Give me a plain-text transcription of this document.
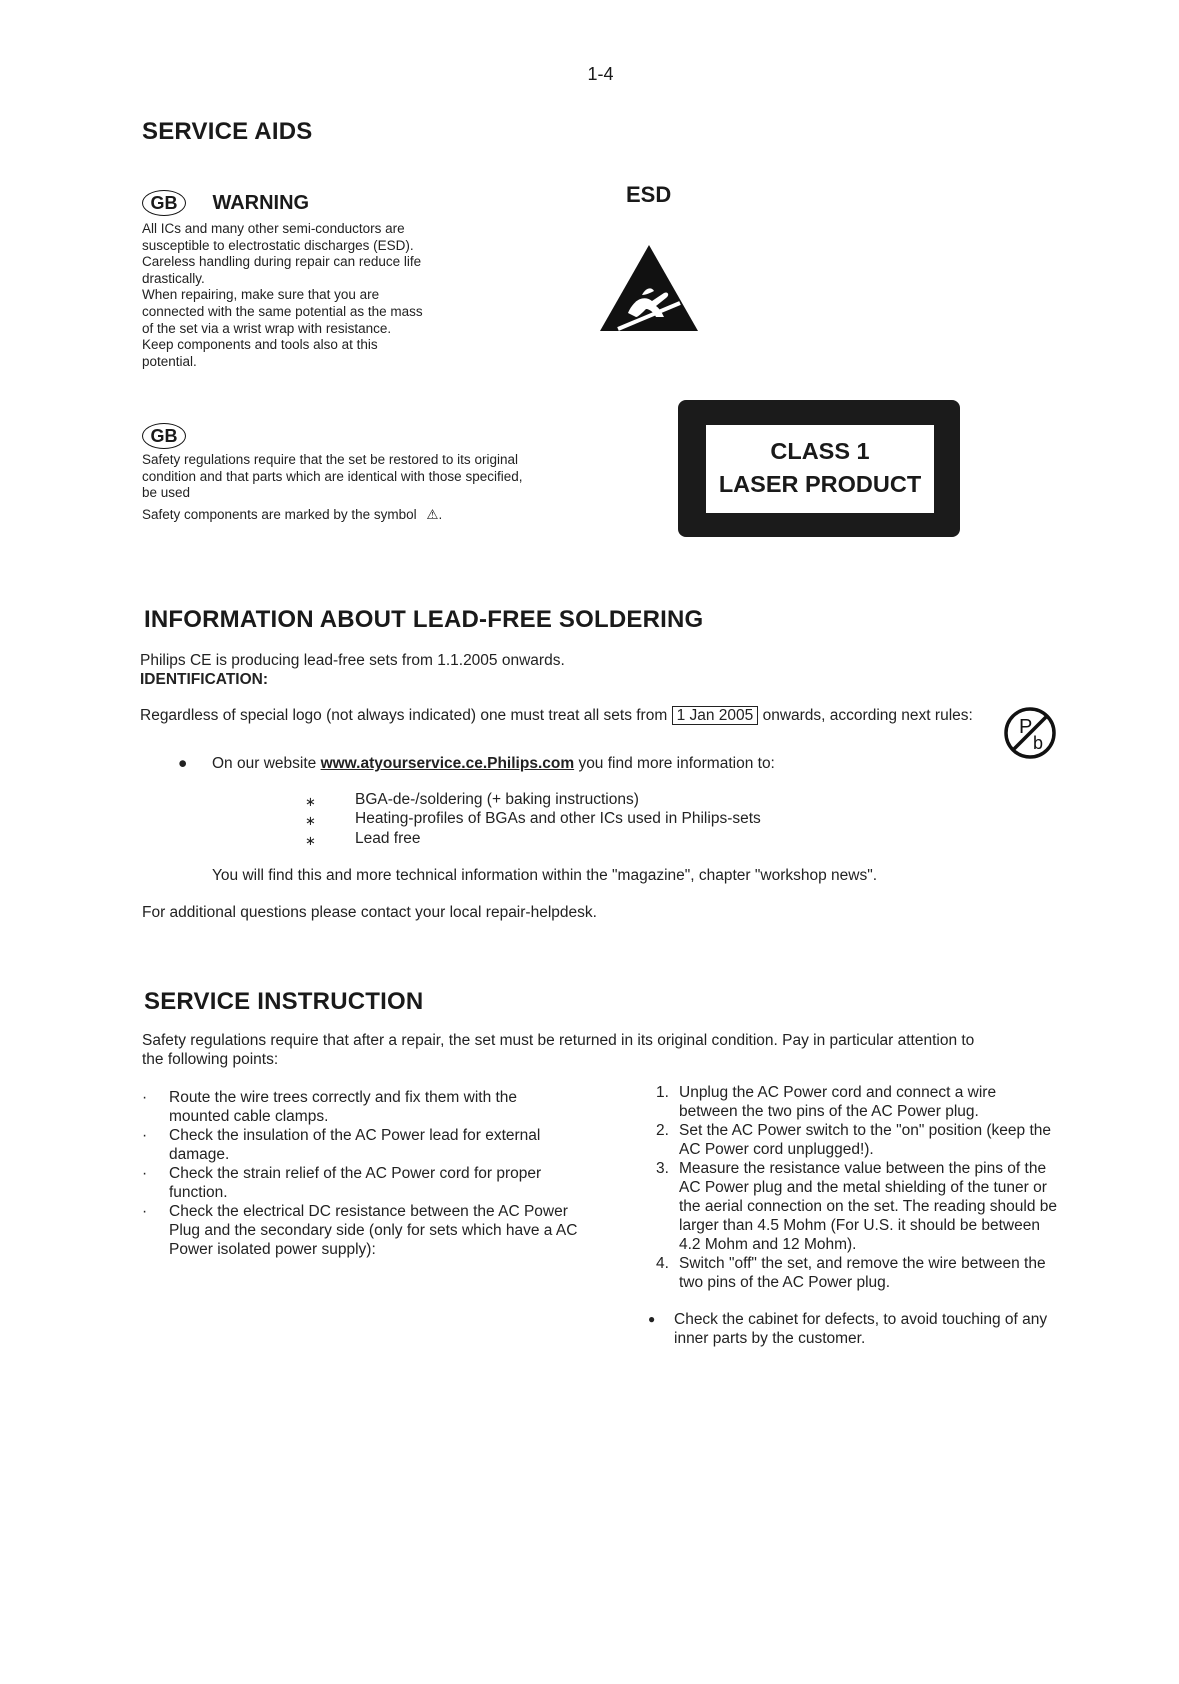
1-4
SERVICE AIDS
GB WARNING
All ICs and many other semi-conductors are
susceptible to electrostatic discharges (ESD).
Careless handling during repair can reduce life
drastically.
When repairing, make sure that you are
connected with the same potential as the mass
of the set via a wrist wrap with resistance.
Keep components and tools also at this
potential.
ESD
GB
Safety regulations require that the set be restored to its original
condition and that parts which are identical with those specified,
be used
Safety components are marked by the symbol ⚠.
CLASS 1
LASER PRODUCT
INFORMATION ABOUT LEAD-FREE SOLDERING
Philips CE is producing lead-free sets from 1.1.2005 onwards.
IDENTIFICATION:
Regardless of special logo (not always indicated) one must treat all sets from 1 Jan 2005 onwards, according next rules:
P
b
● On our website www.atyourservice.ce.Philips.com you find more information to:
∗	BGA-de-/soldering (+ baking instructions)
∗	Heating-profiles of BGAs and other ICs used in Philips-sets
∗	Lead free
You will find this and more technical information within the "magazine", chapter "workshop news".
For additional questions please contact your local repair-helpdesk.
SERVICE INSTRUCTION
Safety regulations require that after a repair, the set must be returned in its original condition. Pay in particular attention to
the following points:
· Route the wire trees correctly and fix them with the
mounted cable clamps.
· Check the insulation of the AC Power lead for external
damage.
· Check the strain relief of the AC Power cord for proper
function.
· Check the electrical DC resistance between the AC Power
Plug and the secondary side (only for sets which have a AC
Power isolated power supply):
1. Unplug the AC Power cord and connect a wire
between the two pins of the AC Power plug.
2. Set the AC Power switch to the "on" position (keep the
AC Power cord unplugged!).
3. Measure the resistance value between the pins of the
AC Power plug and the metal shielding of the tuner or
the aerial connection on the set. The reading should be
larger than 4.5 Mohm (For U.S. it should be between
4.2 Mohm and 12 Mohm).
4. Switch "off" the set, and remove the wire between the
two pins of the AC Power plug.
● Check the cabinet for defects, to avoid touching of any
inner parts by the customer.
